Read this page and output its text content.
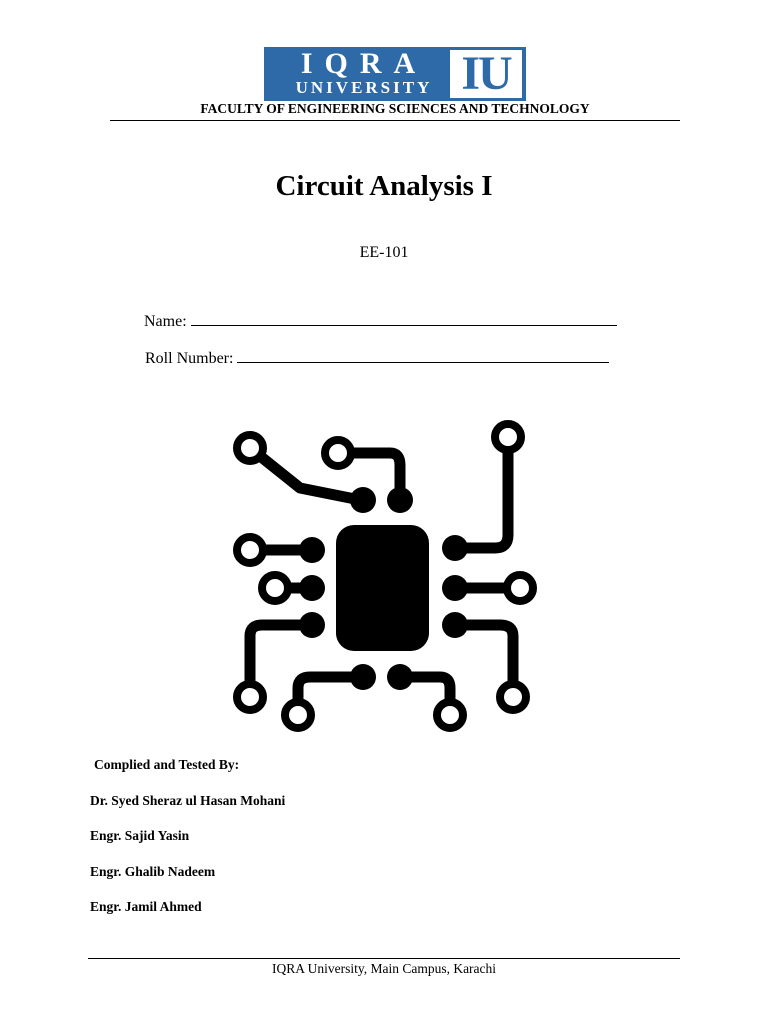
IQRA
UNIVERSITY IU
FACULTY OF ENGINEERING SCIENCES AND TECHNOLOGY
Circuit Analysis I
EE-101
Name:
Roll Number:
Complied and Tested By:
Dr. Syed Sheraz ul Hasan Mohani
Engr. Sajid Yasin
Engr. Ghalib Nadeem
Engr. Jamil Ahmed
IQRA University, Main Campus, Karachi
